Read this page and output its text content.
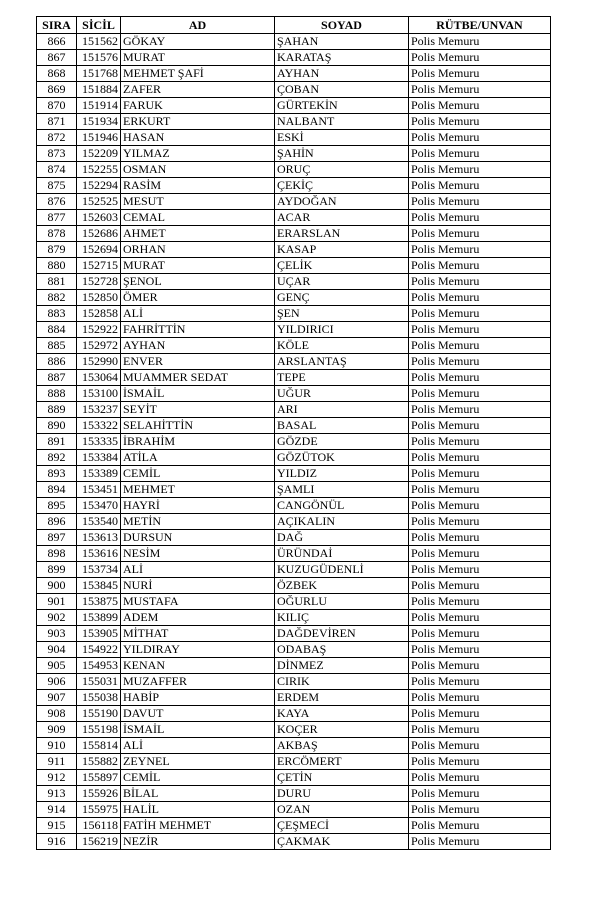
SIRA	SİCİL	AD	SOYAD	RÜTBE/UNVAN
866	151562	GÖKAY	ŞAHAN	Polis Memuru
867	151576	MURAT	KARATAŞ	Polis Memuru
868	151768	MEHMET ŞAFİ	AYHAN	Polis Memuru
869	151884	ZAFER	ÇOBAN	Polis Memuru
870	151914	FARUK	GÜRTEKİN	Polis Memuru
871	151934	ERKURT	NALBANT	Polis Memuru
872	151946	HASAN	ESKİ	Polis Memuru
873	152209	YILMAZ	ŞAHİN	Polis Memuru
874	152255	OSMAN	ORUÇ	Polis Memuru
875	152294	RASİM	ÇEKİÇ	Polis Memuru
876	152525	MESUT	AYDOĞAN	Polis Memuru
877	152603	CEMAL	ACAR	Polis Memuru
878	152686	AHMET	ERARSLAN	Polis Memuru
879	152694	ORHAN	KASAP	Polis Memuru
880	152715	MURAT	ÇELİK	Polis Memuru
881	152728	ŞENOL	UÇAR	Polis Memuru
882	152850	ÖMER	GENÇ	Polis Memuru
883	152858	ALİ	ŞEN	Polis Memuru
884	152922	FAHRİTTİN	YILDIRICI	Polis Memuru
885	152972	AYHAN	KÖLE	Polis Memuru
886	152990	ENVER	ARSLANTAŞ	Polis Memuru
887	153064	MUAMMER SEDAT	TEPE	Polis Memuru
888	153100	İSMAİL	UĞUR	Polis Memuru
889	153237	SEYİT	ARI	Polis Memuru
890	153322	SELAHİTTİN	BASAL	Polis Memuru
891	153335	İBRAHİM	GÖZDE	Polis Memuru
892	153384	ATİLA	GÖZÜTOK	Polis Memuru
893	153389	CEMİL	YILDIZ	Polis Memuru
894	153451	MEHMET	ŞAMLI	Polis Memuru
895	153470	HAYRİ	CANGÖNÜL	Polis Memuru
896	153540	METİN	AÇIKALIN	Polis Memuru
897	153613	DURSUN	DAĞ	Polis Memuru
898	153616	NESİM	ÜRÜNDAİ	Polis Memuru
899	153734	ALİ	KUZUGÜDENLİ	Polis Memuru
900	153845	NURİ	ÖZBEK	Polis Memuru
901	153875	MUSTAFA	OĞURLU	Polis Memuru
902	153899	ADEM	KILIÇ	Polis Memuru
903	153905	MİTHAT	DAĞDEVİREN	Polis Memuru
904	154922	YILDIRAY	ODABAŞ	Polis Memuru
905	154953	KENAN	DİNMEZ	Polis Memuru
906	155031	MUZAFFER	CIRIK	Polis Memuru
907	155038	HABİP	ERDEM	Polis Memuru
908	155190	DAVUT	KAYA	Polis Memuru
909	155198	İSMAİL	KOÇER	Polis Memuru
910	155814	ALİ	AKBAŞ	Polis Memuru
911	155882	ZEYNEL	ERCÖMERT	Polis Memuru
912	155897	CEMİL	ÇETİN	Polis Memuru
913	155926	BİLAL	DURU	Polis Memuru
914	155975	HALİL	OZAN	Polis Memuru
915	156118	FATİH MEHMET	ÇEŞMECİ	Polis Memuru
916	156219	NEZİR	ÇAKMAK	Polis Memuru
